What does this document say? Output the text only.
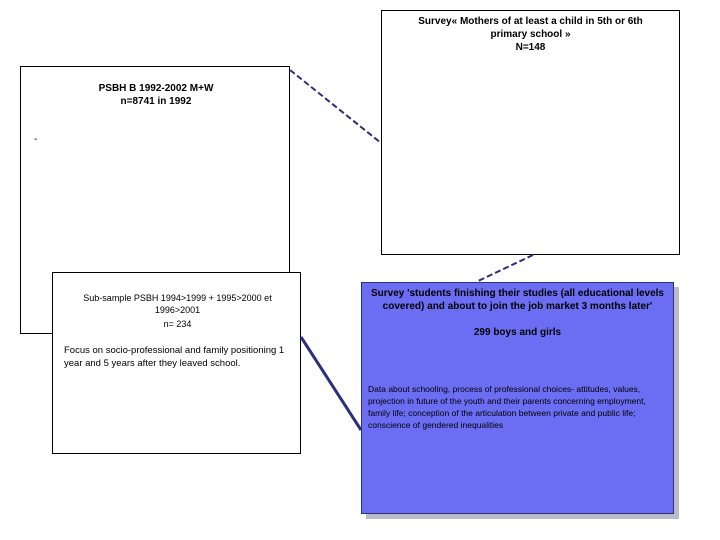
Survey« Mothers of at least a child in 5th or 6th primary school »
N=148
Survey 'students finishing their studies (all educational levels covered) and about to join the job market 3 months later'
299 boys and girls
Data about schooling, process of professional choices- attitudes, values, projection in future of the youth and their parents concerning employment, family life; conception of the articulation between private and public life; conscience of gendered inequalities
PSBH B 1992-2002 M+W
n=8741 in 1992
-
Sub-sample PSBH 1994>1999 + 1995>2000 et 1996>2001
n= 234
Focus on socio-professional and family positioning 1 year and 5 years after they leaved school.
